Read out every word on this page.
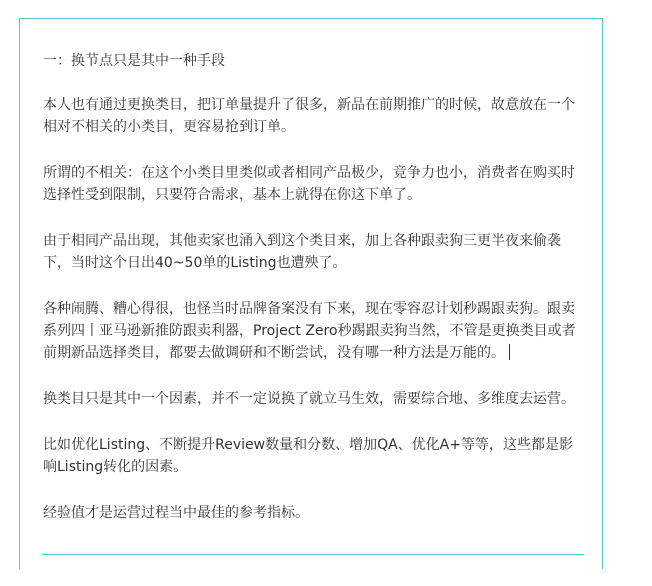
一：换节点只是其中一种手段

本人也有通过更换类目，把订单量提升了很多，新品在前期推广的时候，故意放在一个相对不相关的小类目，更容易抢到订单。

所谓的不相关：在这个小类目里类似或者相同产品极少，竞争力也小，消费者在购买时选择性受到限制，只要符合需求，基本上就得在你这下单了。

由于相同产品出现，其他卖家也涌入到这个类目来，加上各种跟卖狗三更半夜来偷袭下，当时这个日出40~50单的Listing也遭殃了。

各种闹腾、糟心得很，也怪当时品牌备案没有下来，现在零容忍计划秒踢跟卖狗。跟卖系列四丨亚马逊新推防跟卖利器，Project Zero秒踢跟卖狗当然，不管是更换类目或者前期新品选择类目，都要去做调研和不断尝试，没有哪一种方法是万能的。

换类目只是其中一个因素，并不一定说换了就立马生效，需要综合地、多维度去运营。

比如优化Listing、不断提升Review数量和分数、增加QA、优化A+等等，这些都是影响Listing转化的因素。

经验值才是运营过程当中最佳的参考指标。
